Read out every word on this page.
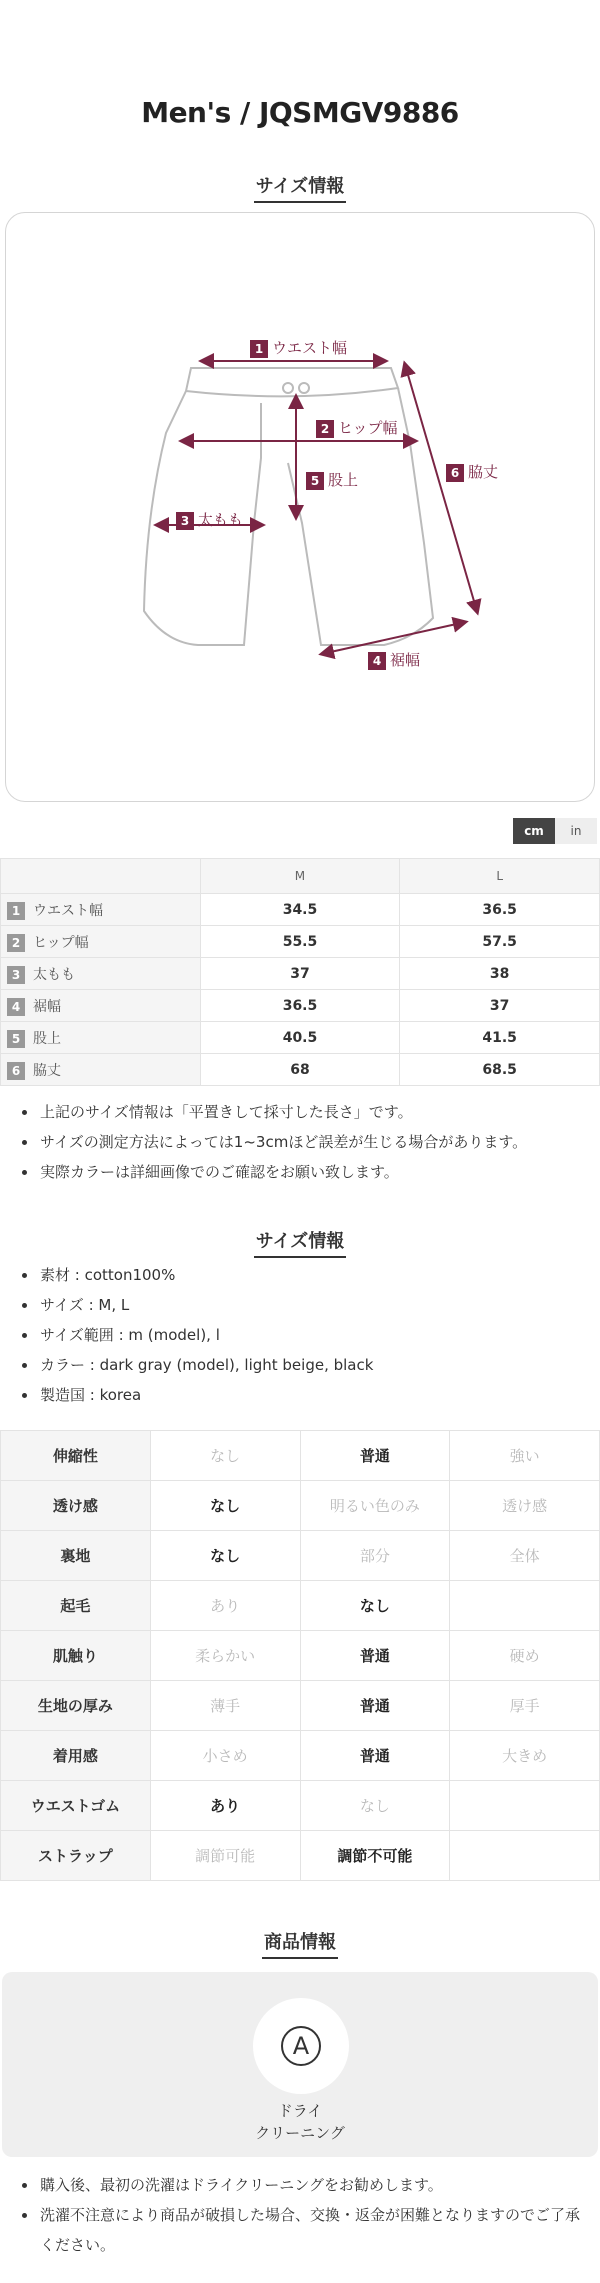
Men's / JQSMGV9886
サイズ情報
1 ウエスト幅
2 ヒップ幅
3 太もも
4 裾幅
5 股上	6 脇丈
cm	in
	M	L
1 ウエスト幅	34.5	36.5
2 ヒップ幅	55.5	57.5
3 太もも	37	38
4 裾幅	36.5	37
5 股上	40.5	41.5
6 脇丈	68	68.5
上記のサイズ情報は「平置きして採寸した長さ」です。
サイズの測定方法によっては1~3cmほど誤差が生じる場合があります。
実際カラーは詳細画像でのご確認をお願い致します。
サイズ情報
素材 : cotton100%
サイズ : M, L
サイズ範囲 : m (model), l
カラー : dark gray (model), light beige, black
製造国 : korea
伸縮性	なし	普通	強い
透け感	なし	明るい色のみ	透け感
裏地	なし	部分	全体
起毛	あり	なし	
肌触り	柔らかい	普通	硬め
生地の厚み	薄手	普通	厚手
着用感	小さめ	普通	大きめ
ウエストゴム	あり	なし	
ストラップ	調節可能	調節不可能	
商品情報
A
ドライ
クリーニング
購入後、最初の洗濯はドライクリーニングをお勧めします。
洗濯不注意により商品が破損した場合、交換・返金が困難となりますのでご了承ください。
